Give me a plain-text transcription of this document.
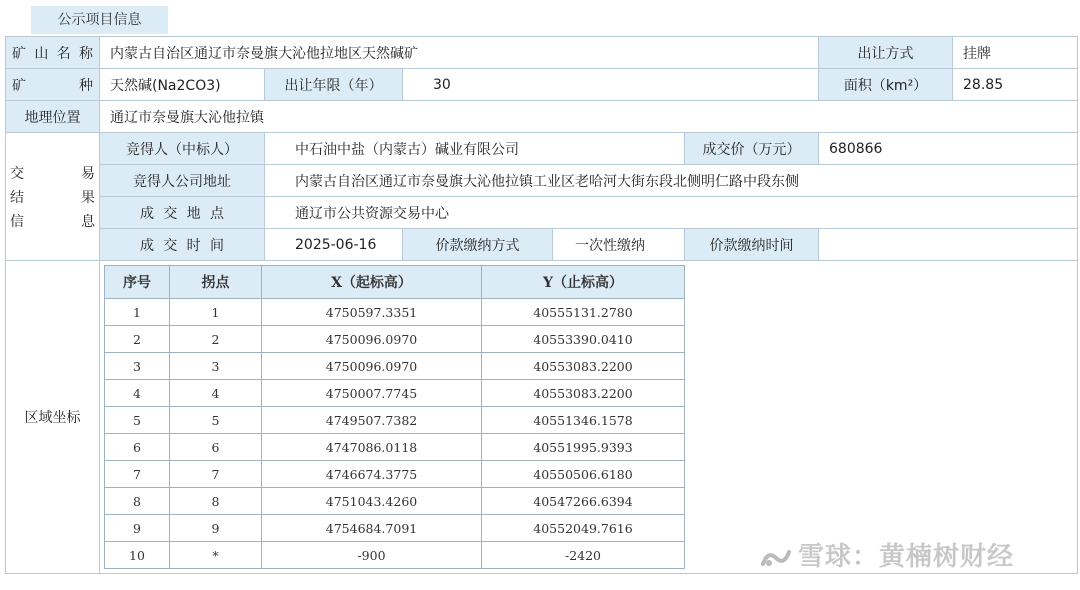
公示项目信息
矿山名称	内蒙古自治区通辽市奈曼旗大沁他拉地区天然碱矿	出让方式	挂牌

矿	种	天然碱(Na2CO3)	出让年限（年）	30	面积（km²）	28.85
地理位置	通辽市奈曼旗大沁他拉镇

交	易
结	果
信	息
	竞得人（中标人）	中石油中盐（内蒙古）碱业有限公司	成交价（万元）	680866
竞得人公司地址	内蒙古自治区通辽市奈曼旗大沁他拉镇工业区老哈河大街东段北侧明仁路中段东侧
成 交 地 点	通辽市公共资源交易中心
成 交 时 间	2025-06-16	价款缴纳方式	一次性缴纳	价款缴纳时间	
区域坐标	
序号	拐点	X（起标高）	Y（止标高）
1	1	4750597.3351	40555131.2780
2	2	4750096.0970	40553390.0410
3	3	4750096.0970	40553083.2200
4	4	4750007.7745	40553083.2200
5	5	4749507.7382	40551346.1578
6	6	4747086.0118	40551995.9393
7	7	4746674.3775	40550506.6180
8	8	4751043.4260	40547266.6394
9	9	4754684.7091	40552049.7616
10	*	-900	-2420	雪球：黄楠树财经
